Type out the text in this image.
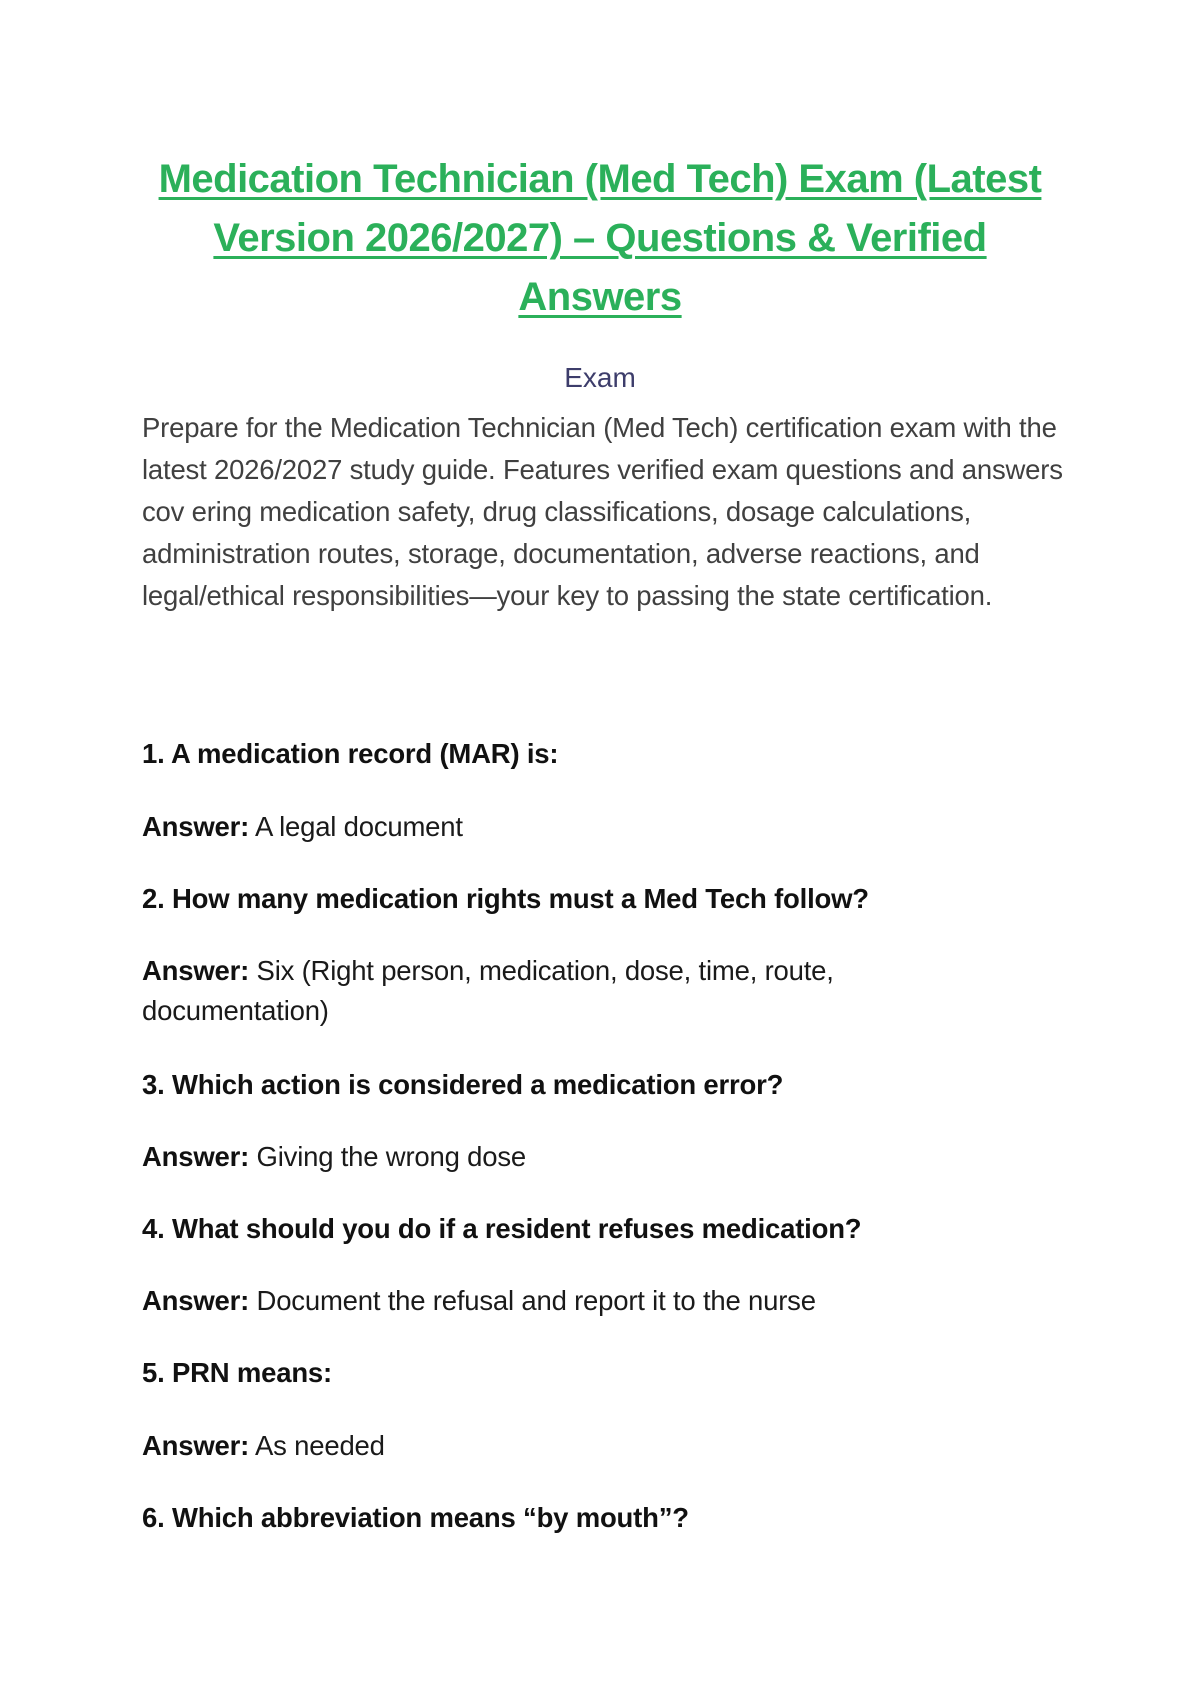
Medication Technician (Med Tech) Exam (Latest Version 2026/2027) – Questions & Verified Answers

Exam

Prepare for the Medication Technician (Med Tech) certification exam with the latest 2026/2027 study guide. Features verified exam questions and answers cov ering medication safety, drug classifications, dosage calculations, administration routes, storage, documentation, adverse reactions, and legal/ethical responsibilities—your key to passing the state certification.

1. A medication record (MAR) is:

Answer: A legal document

2. How many medication rights must a Med Tech follow?

Answer: Six (Right person, medication, dose, time, route, documentation)

3. Which action is considered a medication error?

Answer: Giving the wrong dose

4. What should you do if a resident refuses medication?

Answer: Document the refusal and report it to the nurse

5. PRN means:

Answer: As needed

6. Which abbreviation means “by mouth”?
